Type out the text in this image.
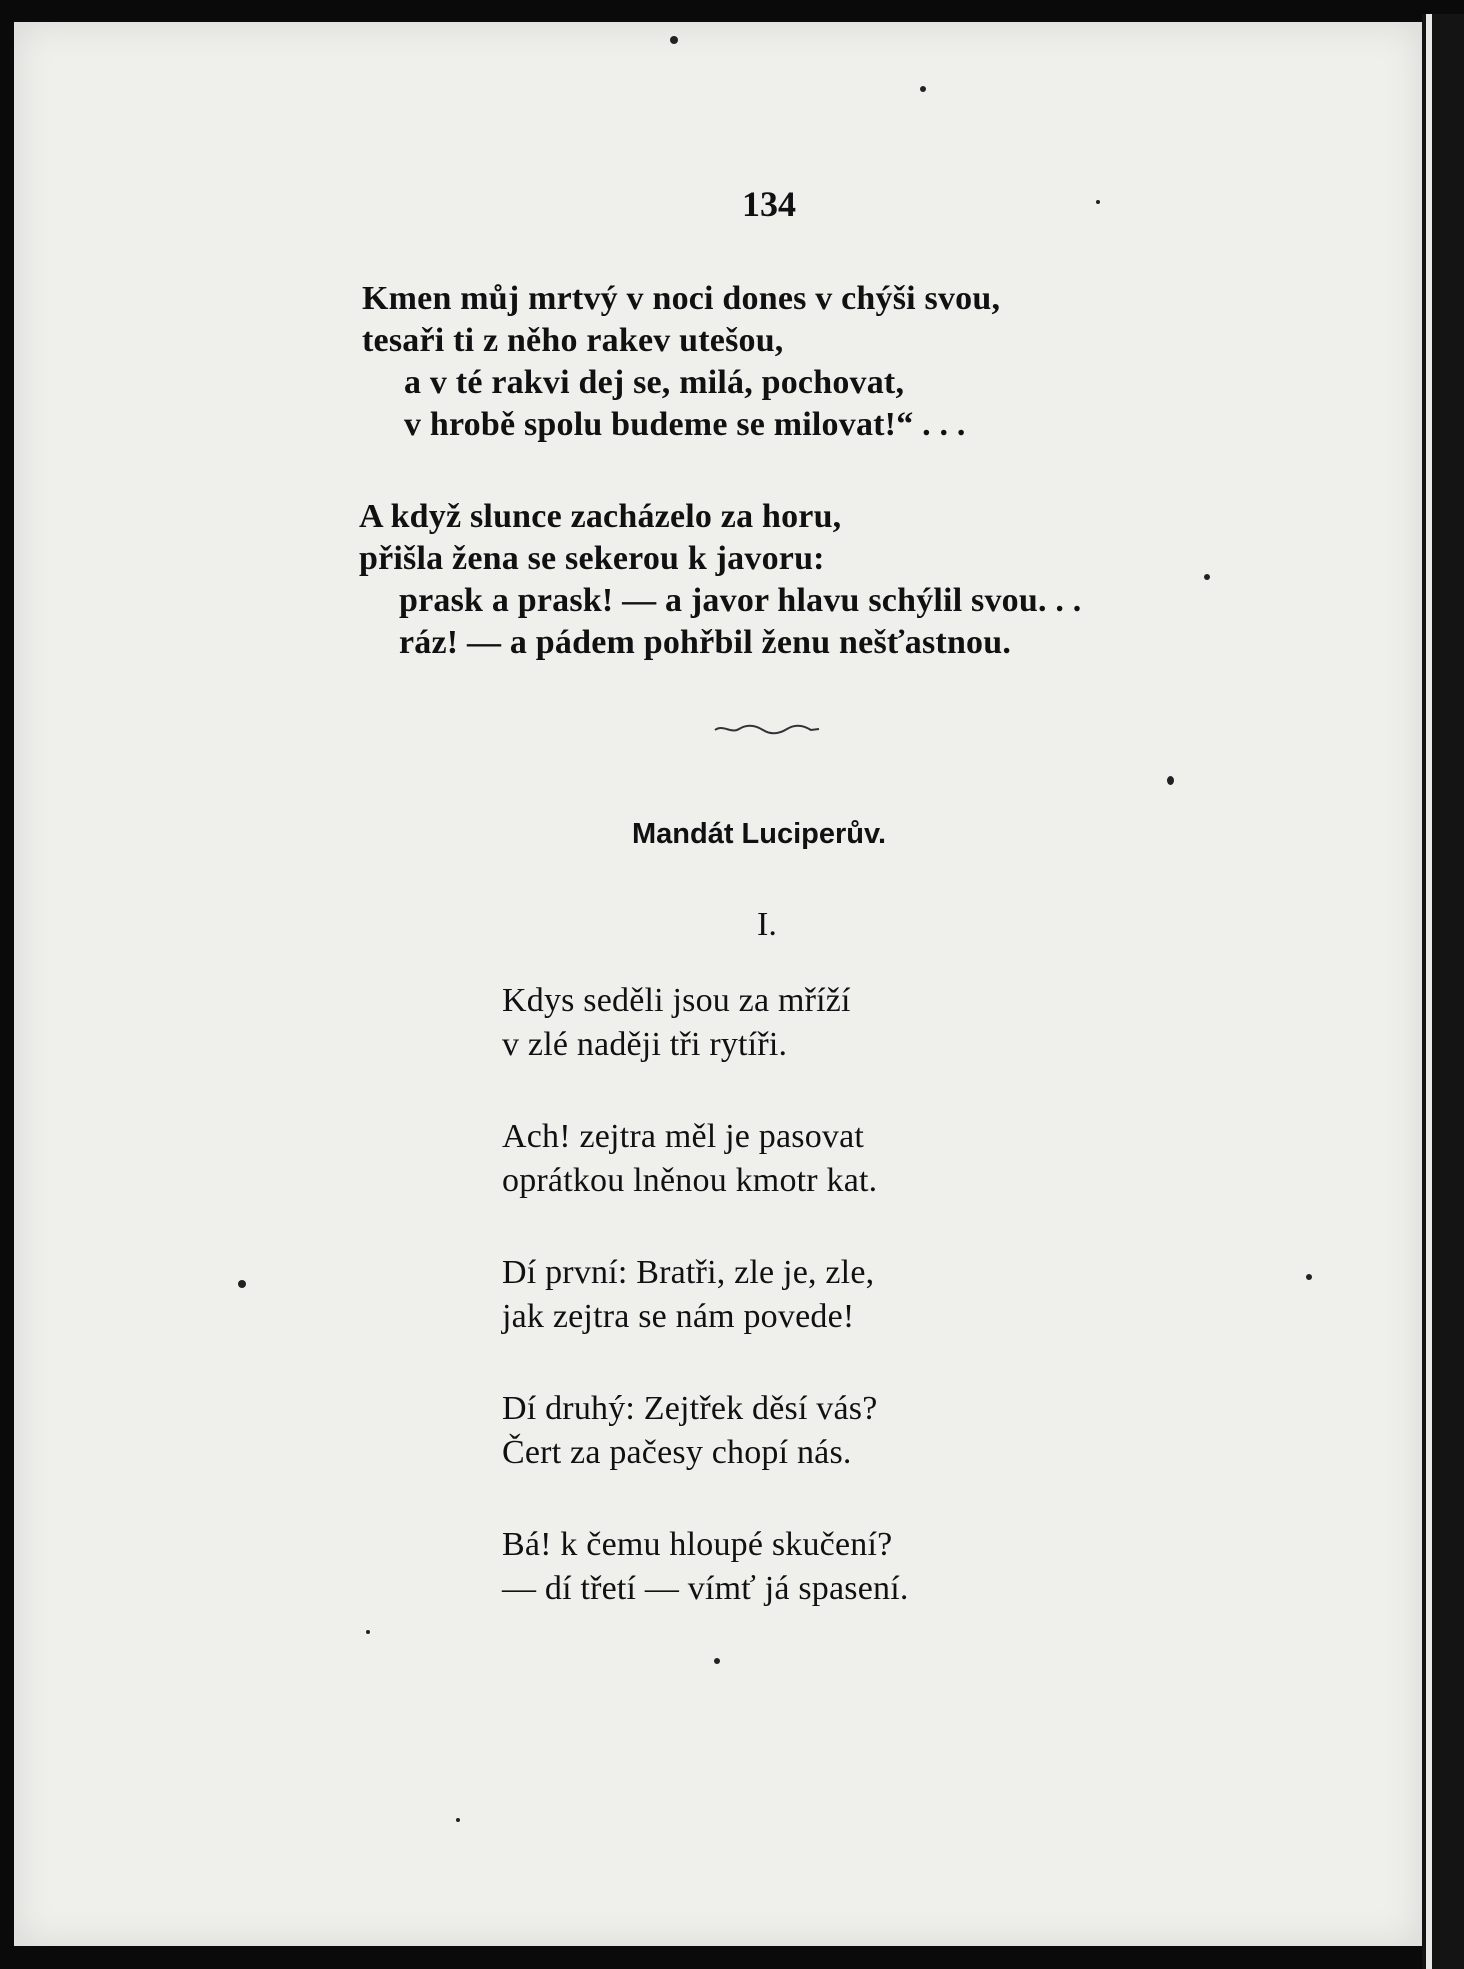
134
Kmen můj mrtvý v noci dones v chýši svou,
tesaři ti z něho rakev utešou,
a v té rakvi dej se, milá, pochovat,
v hrobě spolu budeme se milovat!“ . . .
A když slunce zacházelo za horu,
přišla žena se sekerou k javoru:
prask a prask! — a javor hlavu schýlil svou. . .
ráz! — a pádem pohřbil ženu nešťastnou.
Mandát Luciperův.
I.
Kdys seděli jsou za mříží
v zlé naději tři rytíři.
Ach! zejtra měl je pasovat
oprátkou lněnou kmotr kat.
Dí první: Bratři, zle je, zle,
jak zejtra se nám povede!
Dí druhý: Zejtřek děsí vás?
Čert za pačesy chopí nás.
Bá! k čemu hloupé skučení?
— dí třetí — vímť já spasení.
